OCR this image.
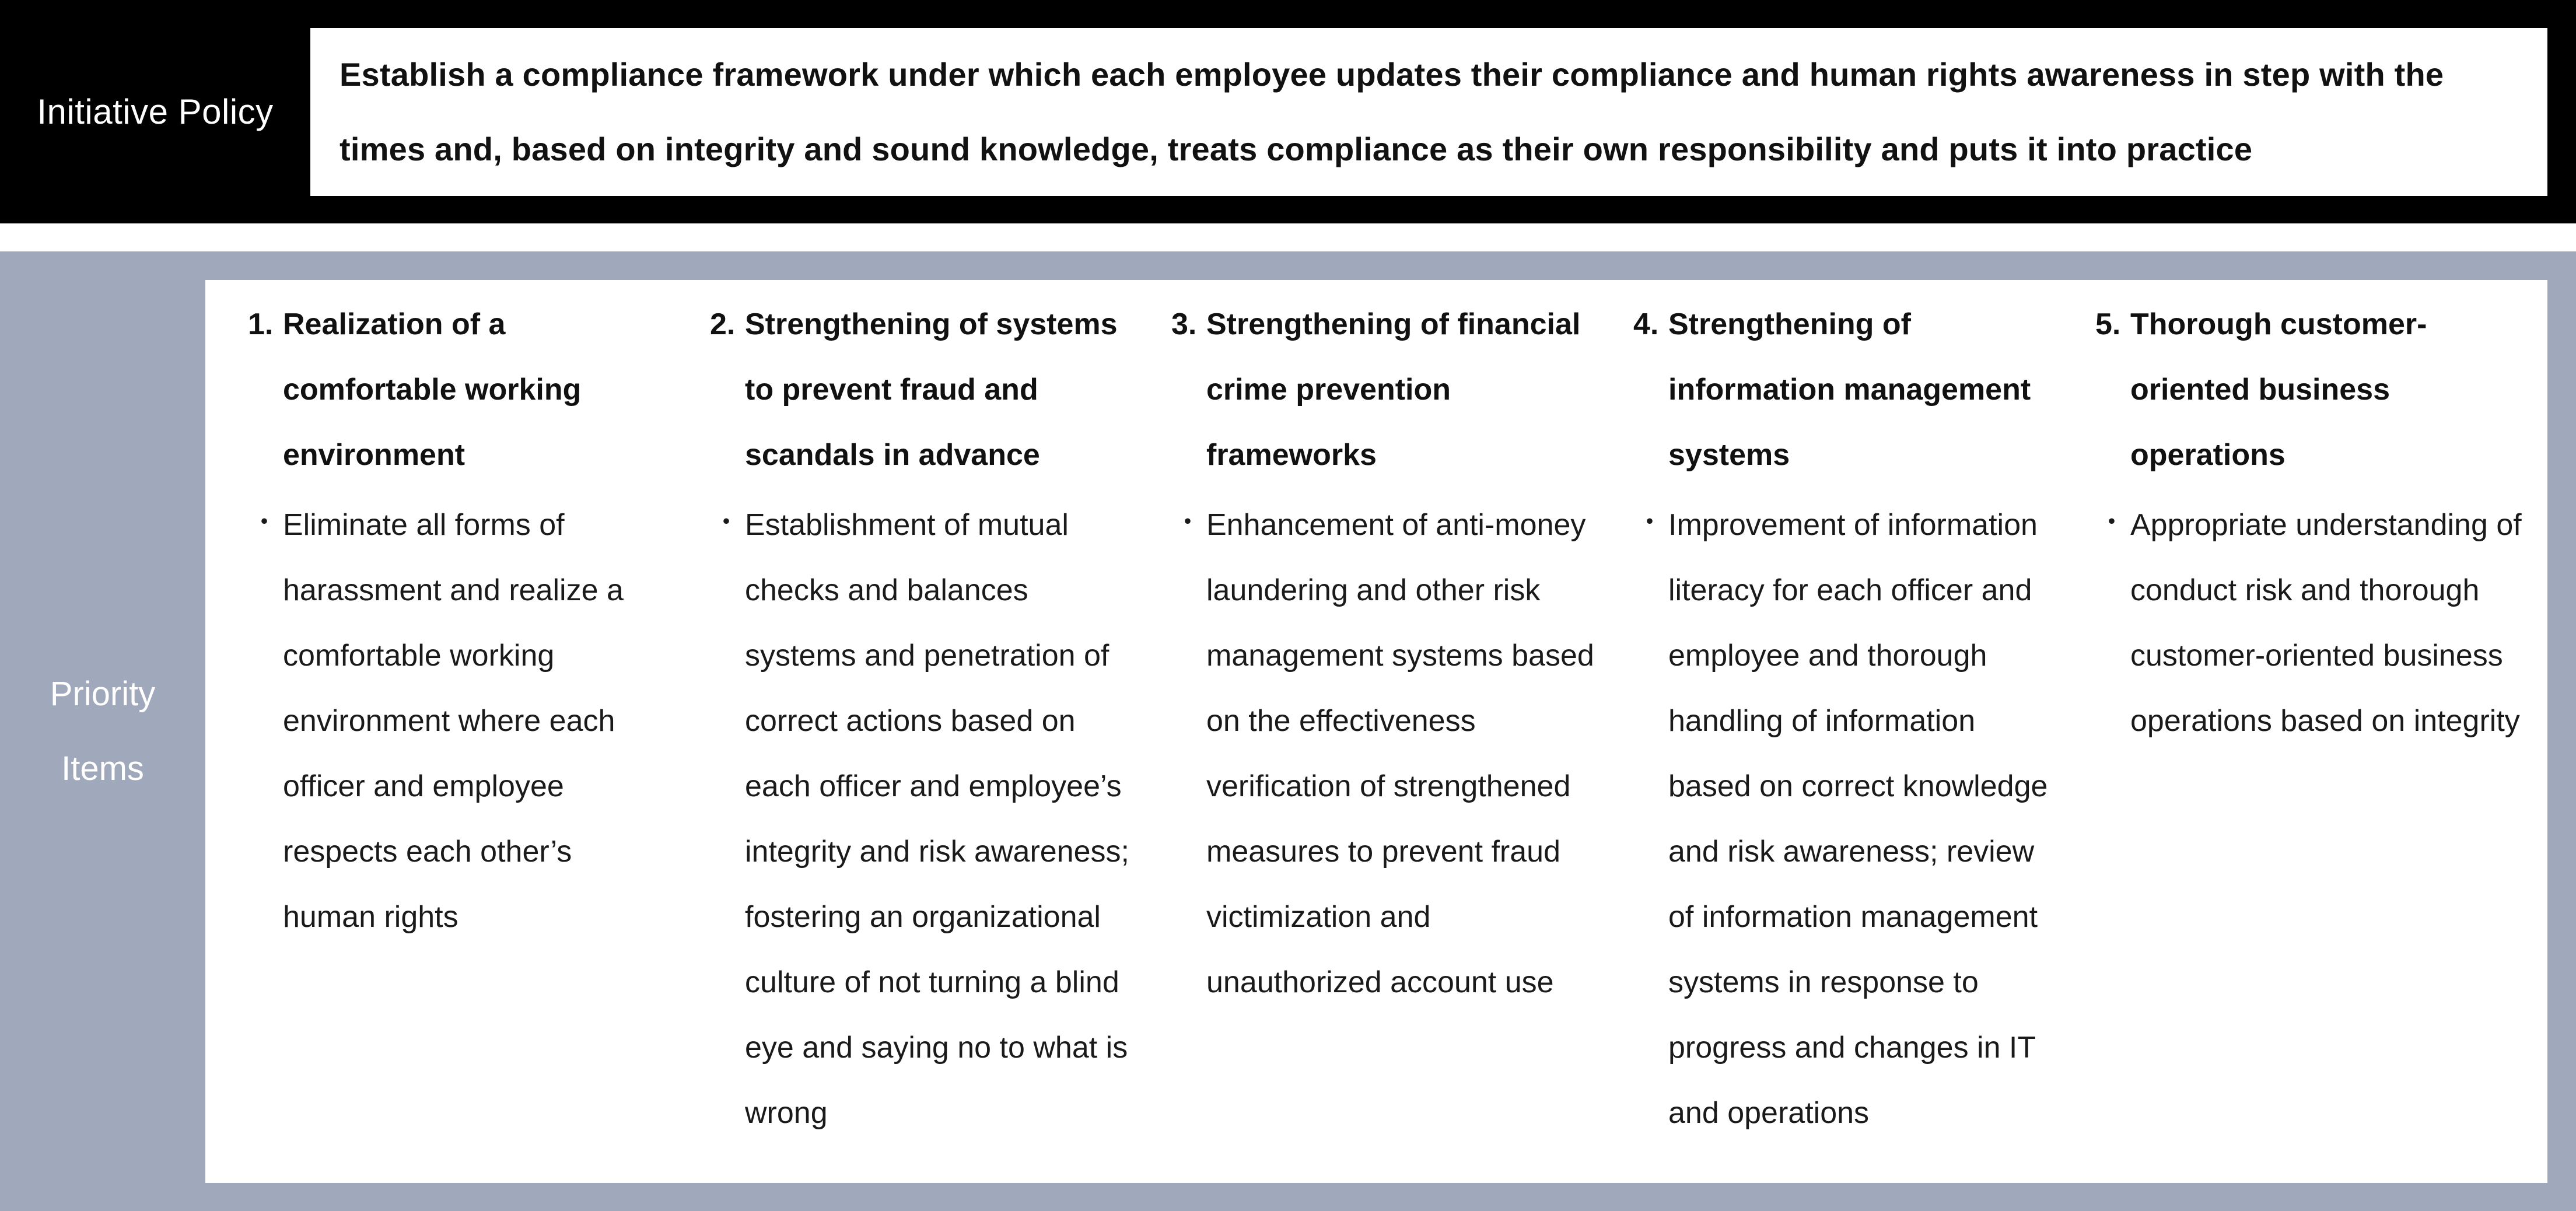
Initiative Policy
Establish a compliance framework under which each employee updates their compliance and human rights awareness in step with the times and, based on integrity and sound knowledge, treats compliance as their own responsibility and puts it into practice
Priority
Items
1. Realization of a comfortable working environment
・ Eliminate all forms of harassment and realize a comfortable working environment where each officer and employee respects each other’s human rights
2. Strengthening of systems to prevent fraud and scandals in advance
・ Establishment of mutual checks and balances systems and penetration of correct actions based on each officer and employee’s integrity and risk awareness; fostering an organizational culture of not turning a blind eye and saying no to what is wrong
3. Strengthening of financial crime prevention frameworks
・ Enhancement of anti-money laundering and other risk management systems based on the effectiveness verification of strengthened measures to prevent fraud victimization and unauthorized account use
4. Strengthening of information management systems
・ Improvement of information literacy for each officer and employee and thorough handling of information based on correct knowledge and risk awareness; review of information management systems in response to progress and changes in IT and operations
5. Thorough customer-oriented business operations
・ Appropriate understanding of conduct risk and thorough customer-oriented business operations based on integrity
